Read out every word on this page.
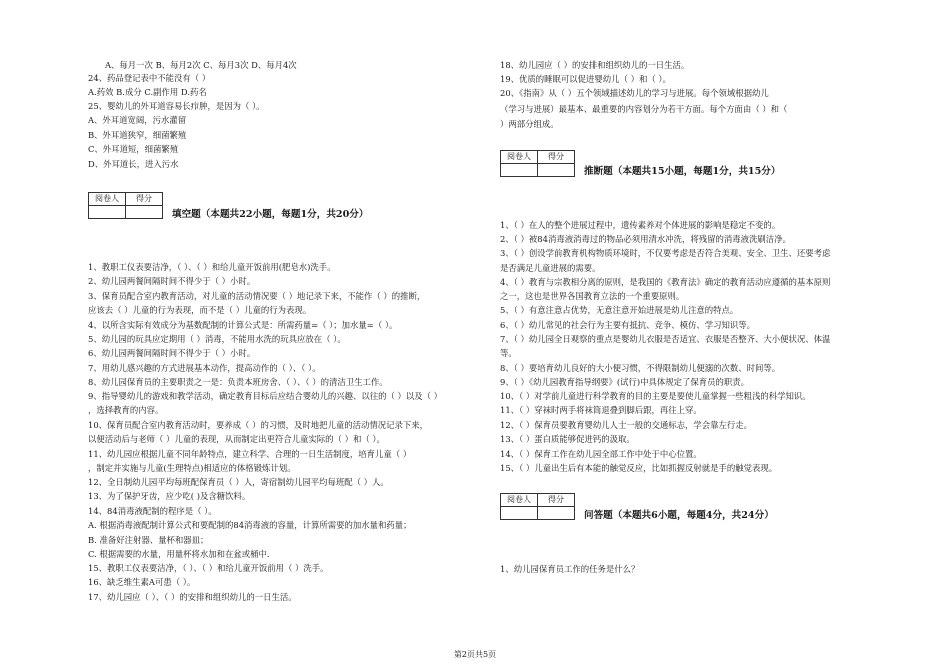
A、每月一次 B、每月2次 C、每月3次 D、每月4次
24、药品登记表中不能没有（ ）
A.药效 B.成分 C.副作用 D.药名
25、婴幼儿的外耳道容易长疖肿，是因为（ ）。
A、外耳道宽阔，污水灌留
B、外耳道狭窄，细菌繁殖
C、外耳道短，细菌繁殖
D、外耳道长，进入污水
阅卷人	得分

填空题（本题共22小题，每题1分，共20分）
1、教职工仪表要洁净，（ ）、（ ）和给儿童开饭前用(肥皂水)洗手。
2、幼儿园两餐间隔时间不得少于（ ）小时。
3、保育员配合室内教育活动，对儿童的活动情况要（ ）地记录下来，不能作（ ）的推断，
应该去（ ）儿童的行为表现，而不是（ ）儿童的行为表现。
4、以所含实际有效成分为基数配制的计算公式是：所需药量=（ ）；加水量=（ ）。
5、幼儿园的玩具应定期用（ ）消毒，不能用水洗的玩具应放在（ ）。
6、幼儿园两餐间隔时间不得少于（ ）小时。
7、用幼儿感兴趣的方式进展基本动作，提高动作的（ ）、（ ）。
8、幼儿园保育员的主要职责之一是：负责本班房舍、（ ）、（ ）的清洁卫生工作。
9、指导婴幼儿的游戏和教学活动，确定教育目标后应结合婴幼儿的兴趣、以往的（ ）以及（ ）
，选择教育的内容。
10、保育员配合室内教育活动时，要养成（ ）的习惯，及时地把儿童的活动情况记录下来，
以便活动后与老师（ ）儿童的表现，从而制定出更符合儿童实际的（ ）和（ ）。
11、幼儿园应根据儿童不同年龄特点，建立科学、合理的一日生活制度，培育儿童（ ）
，制定并实施与儿童(生理特点)相适应的体格锻炼计划。
12、全日制幼儿园平均每班配保育员（ ）人，寄宿制幼儿园平均每班配（ ）人。
13、为了保护牙齿，应少吃( )及含糖饮料。
14、84消毒液配制的程序是（ ）。
A. 根据消毒液配制计算公式和要配制的84消毒液的容量，计算所需要的加水量和药量；
B. 准备好注射器、量杯和器皿；
C. 根据需要的水量，用量杯将水加和在盆或桶中.
15、教职工仪表要洁净，（ ）、（ ）和给儿童开饭前用（ ）洗手。
16、缺乏维生素A可患（ ）。
17、幼儿园应（ ）、（ ）的安排和组织幼儿的一日生活。
18、幼儿园应（ ）的安排和组织幼儿的一日生活。
19、优质的睡眠可以促进婴幼儿（ ）和（ ）。
20、《指南》从（ ）五个领域描述幼儿的学习与进展。每个领域根据幼儿
（学习与进展）最基本、最重要的内容划分为若干方面。每个方面由（ ）和（
）两部分组成。
阅卷人	得分

推断题（本题共15小题，每题1分，共15分）
1、（ ）在人的整个进展过程中，遗传素养对个体进展的影响是稳定不变的。
2、（ ）被84消毒液消毒过的物品必须用清水冲洗，将残留的消毒液洗刷洁净。
3、（ ）创设学前教育机构物质环境时，不仅要考虑是否符合美观、安全、卫生、还要考虑
是否满足儿童进展的需要。
4、（ ）教育与宗教相分离的原则，是我国的《教育法》确定的教育活动应遵循的基本原则
之一，这也是世界各国教育立法的一个重要原则。
5、（ ）有意注意占优势，无意注意开始进展是幼儿注意的特点。
6、（ ）幼儿常见的社会行为主要有抵抗、竞争、模仿、学习知识等。
7、（ ）幼儿园全日观察的重点是婴幼儿衣服是否适宜、衣服是否整齐、大小便状况、体温
等。
8、（ ）要培育幼儿良好的大小便习惯，不得限制幼儿便溺的次数、时间等。
9、（ ）《幼儿园教育指导纲要》(试行)中具体规定了保育员的职责。
10、（ ）对学前儿童进行科学教育的目的主要是要使儿童掌握一些粗浅的科学知识。
11、（ ）穿袜时两手将袜筒退叠到脚后跟，再往上穿。
12、（ ）保育员要教育婴幼儿人士一般的交通标志，学会靠左行走。
13、（ ）蛋白质能够促进钙的汲取。
14、（ ）保育工作在幼儿园全部工作中处于中心位置。
15、（ ）儿童出生后有本能的触觉反应，比如抓握反射就是手的触觉表现。
阅卷人	得分

问答题（本题共6小题，每题4分，共24分）
1、幼儿园保育员工作的任务是什么？
第2页共5页
